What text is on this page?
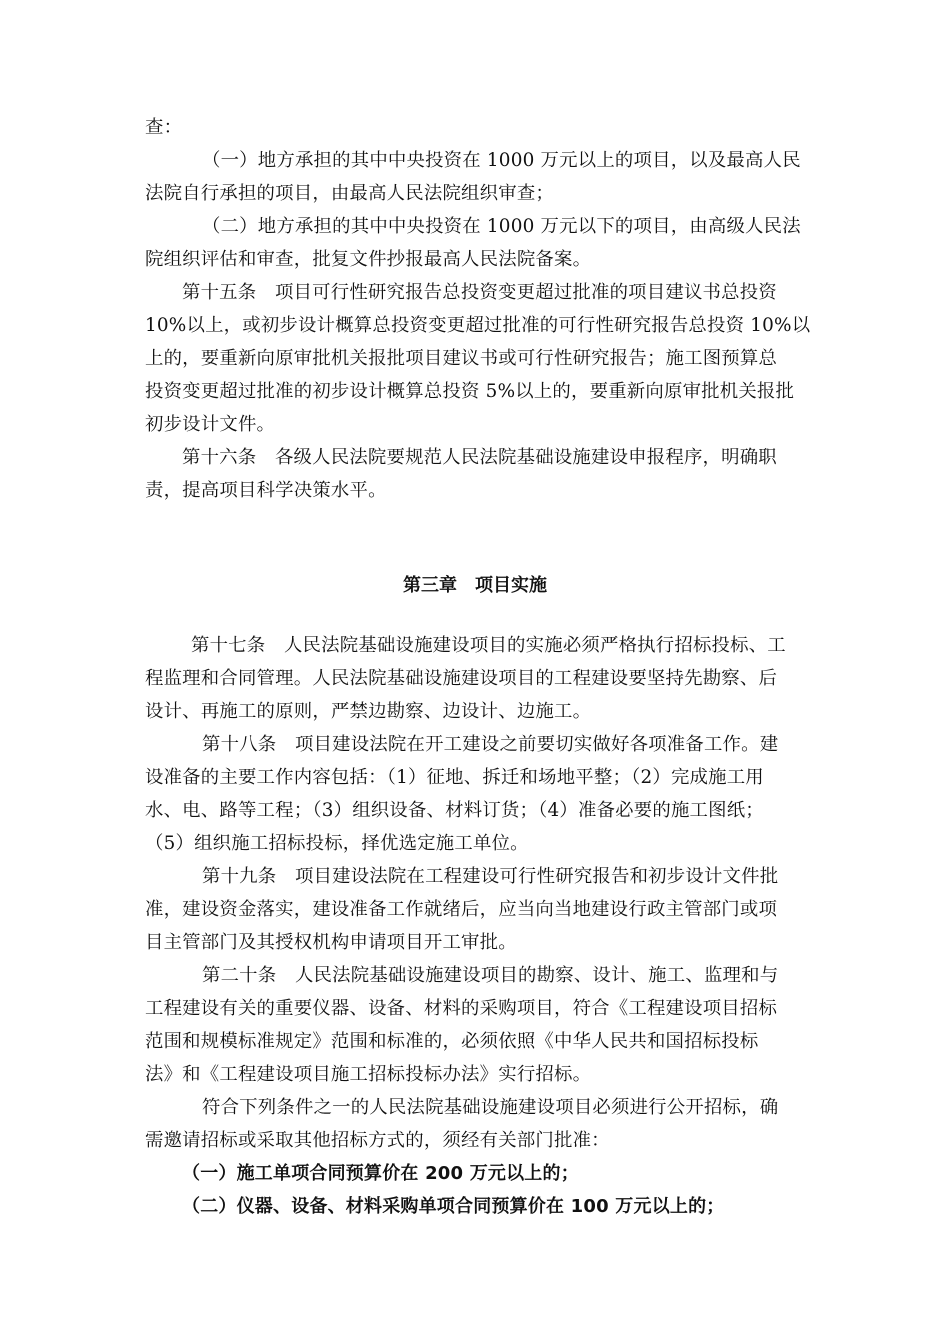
查：
（一）地方承担的其中中央投资在 1000 万元以上的项目，以及最高人民
法院自行承担的项目，由最高人民法院组织审查；
（二）地方承担的其中中央投资在 1000 万元以下的项目，由高级人民法
院组织评估和审查，批复文件抄报最高人民法院备案。
第十五条　项目可行性研究报告总投资变更超过批准的项目建议书总投资
10%以上，或初步设计概算总投资变更超过批准的可行性研究报告总投资 10%以
上的，要重新向原审批机关报批项目建议书或可行性研究报告；施工图预算总
投资变更超过批准的初步设计概算总投资 5%以上的，要重新向原审批机关报批
初步设计文件。
第十六条　各级人民法院要规范人民法院基础设施建设申报程序，明确职
责，提高项目科学决策水平。
第三章　项目实施
第十七条　人民法院基础设施建设项目的实施必须严格执行招标投标、工
程监理和合同管理。人民法院基础设施建设项目的工程建设要坚持先勘察、后
设计、再施工的原则，严禁边勘察、边设计、边施工。
第十八条　项目建设法院在开工建设之前要切实做好各项准备工作。建
设准备的主要工作内容包括：（1）征地、拆迁和场地平整；（2）完成施工用
水、电、路等工程；（3）组织设备、材料订货；（4）准备必要的施工图纸；
（5）组织施工招标投标，择优选定施工单位。
第十九条　项目建设法院在工程建设可行性研究报告和初步设计文件批
准，建设资金落实，建设准备工作就绪后，应当向当地建设行政主管部门或项
目主管部门及其授权机构申请项目开工审批。
第二十条　人民法院基础设施建设项目的勘察、设计、施工、监理和与
工程建设有关的重要仪器、设备、材料的采购项目，符合《工程建设项目招标
范围和规模标准规定》范围和标准的，必须依照《中华人民共和国招标投标
法》和《工程建设项目施工招标投标办法》实行招标。
符合下列条件之一的人民法院基础设施建设项目必须进行公开招标，确
需邀请招标或采取其他招标方式的，须经有关部门批准：
（一）施工单项合同预算价在 200 万元以上的；
（二）仪器、设备、材料采购单项合同预算价在 100 万元以上的；
